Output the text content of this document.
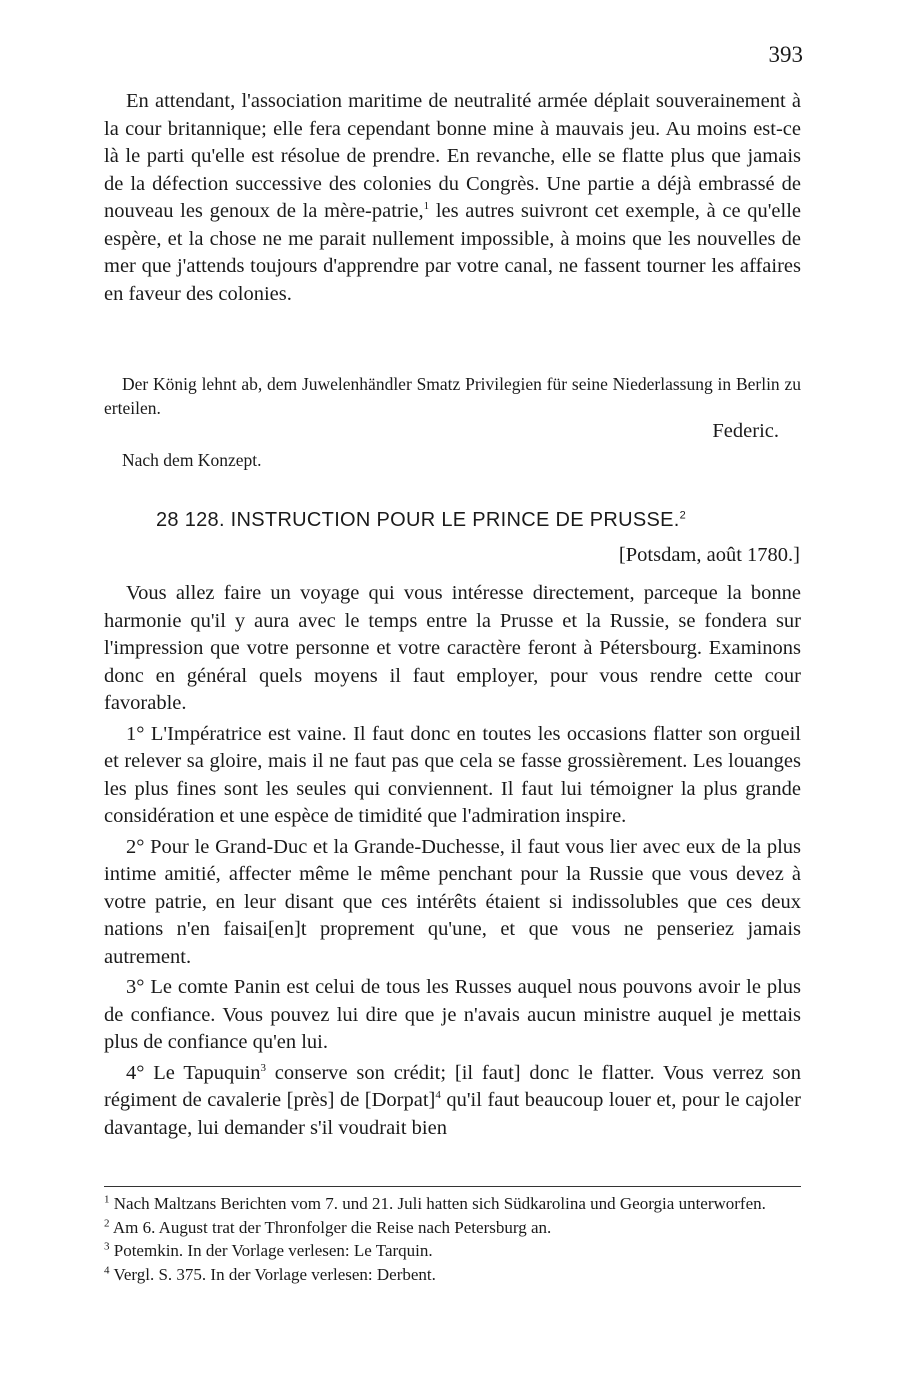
393

En attendant, l'association maritime de neutralité armée déplait souverainement à la cour britannique; elle fera cependant bonne mine à mauvais jeu. Au moins est-ce là le parti qu'elle est résolue de prendre. En revanche, elle se flatte plus que jamais de la défection successive des colonies du Congrès. Une partie a déjà embrassé de nouveau les genoux de la mère-patrie,$^1$ les autres suivront cet exemple, à ce qu'elle espère, et la chose ne me parait nullement impossible, à moins que les nouvelles de mer que j'attends toujours d'apprendre par votre canal, ne fassent tourner les affaires en faveur des colonies.

Der König lehnt ab, dem Juwelenhändler Smatz Privilegien für seine Niederlassung in Berlin zu erteilen.

Federic.
Nach dem Konzept.
28 128. INSTRUCTION POUR LE PRINCE DE PRUSSE.$^2$
[Potsdam, août 1780.]

Vous allez faire un voyage qui vous intéresse directement, parceque la bonne harmonie qu'il y aura avec le temps entre la Prusse et la Russie, se fondera sur l'impression que votre personne et votre caractère feront à Pétersbourg. Examinons donc en général quels moyens il faut employer, pour vous rendre cette cour favorable.

1° L'Impératrice est vaine. Il faut donc en toutes les occasions flatter son orgueil et relever sa gloire, mais il ne faut pas que cela se fasse grossièrement. Les louanges les plus fines sont les seules qui conviennent. Il faut lui témoigner la plus grande considération et une espèce de timidité que l'admiration inspire.

2° Pour le Grand-Duc et la Grande-Duchesse, il faut vous lier avec eux de la plus intime amitié, affecter même le même penchant pour la Russie que vous devez à votre patrie, en leur disant que ces intérêts étaient si indissolubles que ces deux nations n'en faisai[en]t proprement qu'une, et que vous ne penseriez jamais autrement.

3° Le comte Panin est celui de tous les Russes auquel nous pouvons avoir le plus de confiance. Vous pouvez lui dire que je n'avais aucun ministre auquel je mettais plus de confiance qu'en lui.

4° Le Tapuquin$^3$ conserve son crédit; [il faut] donc le flatter. Vous verrez son régiment de cavalerie [près] de [Dorpat]$^4$ qu'il faut beaucoup louer et, pour le cajoler davantage, lui demander s'il voudrait bien

$^1$ Nach Maltzans Berichten vom 7. und 21. Juli hatten sich Südkarolina und Georgia unterworfen.

$^2$ Am 6. August trat der Thronfolger die Reise nach Petersburg an.

$^3$ Potemkin. In der Vorlage verlesen: Le Tarquin.

$^4$ Vergl. S. 375. In der Vorlage verlesen: Derbent.
